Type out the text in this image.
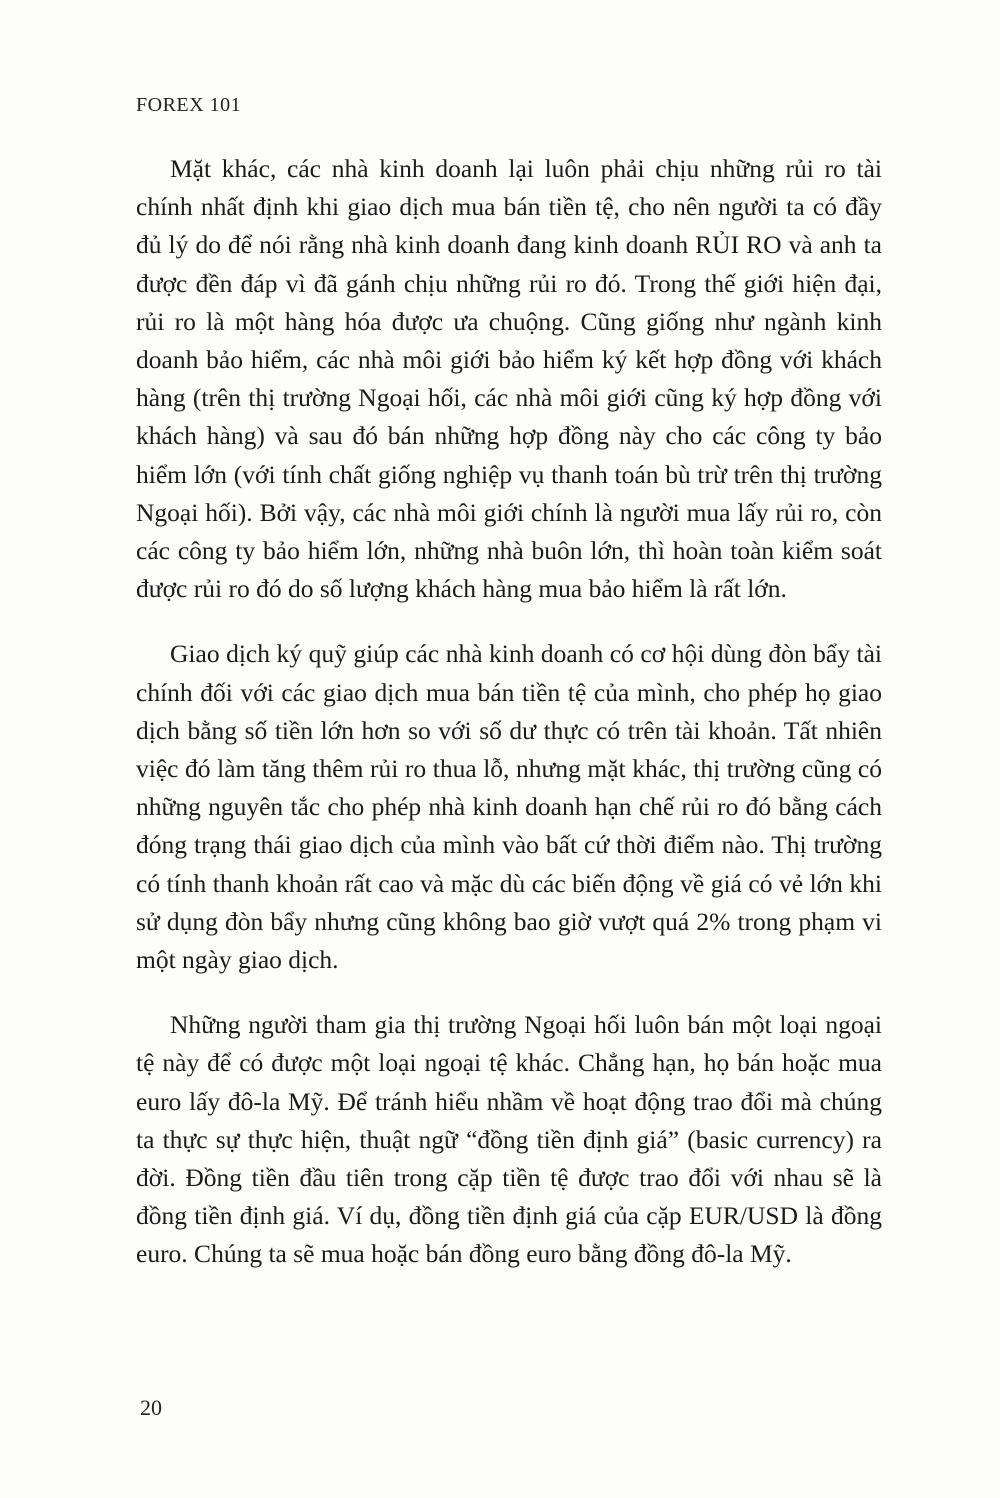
FOREX 101

Mặt khác, các nhà kinh doanh lại luôn phải chịu những rủi ro tài chính nhất định khi giao dịch mua bán tiền tệ, cho nên người ta có đầy đủ lý do để nói rằng nhà kinh doanh đang kinh doanh RỦI RO và anh ta được đền đáp vì đã gánh chịu những rủi ro đó. Trong thế giới hiện đại, rủi ro là một hàng hóa được ưa chuộng. Cũng giống như ngành kinh doanh bảo hiểm, các nhà môi giới bảo hiểm ký kết hợp đồng với khách hàng (trên thị trường Ngoại hối, các nhà môi giới cũng ký hợp đồng với khách hàng) và sau đó bán những hợp đồng này cho các công ty bảo hiểm lớn (với tính chất giống nghiệp vụ thanh toán bù trừ trên thị trường Ngoại hối). Bởi vậy, các nhà môi giới chính là người mua lấy rủi ro, còn các công ty bảo hiểm lớn, những nhà buôn lớn, thì hoàn toàn kiểm soát được rủi ro đó do số lượng khách hàng mua bảo hiểm là rất lớn.

Giao dịch ký quỹ giúp các nhà kinh doanh có cơ hội dùng đòn bẩy tài chính đối với các giao dịch mua bán tiền tệ của mình, cho phép họ giao dịch bằng số tiền lớn hơn so với số dư thực có trên tài khoản. Tất nhiên việc đó làm tăng thêm rủi ro thua lỗ, nhưng mặt khác, thị trường cũng có những nguyên tắc cho phép nhà kinh doanh hạn chế rủi ro đó bằng cách đóng trạng thái giao dịch của mình vào bất cứ thời điểm nào. Thị trường có tính thanh khoản rất cao và mặc dù các biến động về giá có vẻ lớn khi sử dụng đòn bẩy nhưng cũng không bao giờ vượt quá 2% trong phạm vi một ngày giao dịch.

Những người tham gia thị trường Ngoại hối luôn bán một loại ngoại tệ này để có được một loại ngoại tệ khác. Chẳng hạn, họ bán hoặc mua euro lấy đô-la Mỹ. Để tránh hiểu nhầm về hoạt động trao đổi mà chúng ta thực sự thực hiện, thuật ngữ “đồng tiền định giá” (basic currency) ra đời. Đồng tiền đầu tiên trong cặp tiền tệ được trao đổi với nhau sẽ là đồng tiền định giá. Ví dụ, đồng tiền định giá của cặp EUR/USD là đồng euro. Chúng ta sẽ mua hoặc bán đồng euro bằng đồng đô-la Mỹ.

20
